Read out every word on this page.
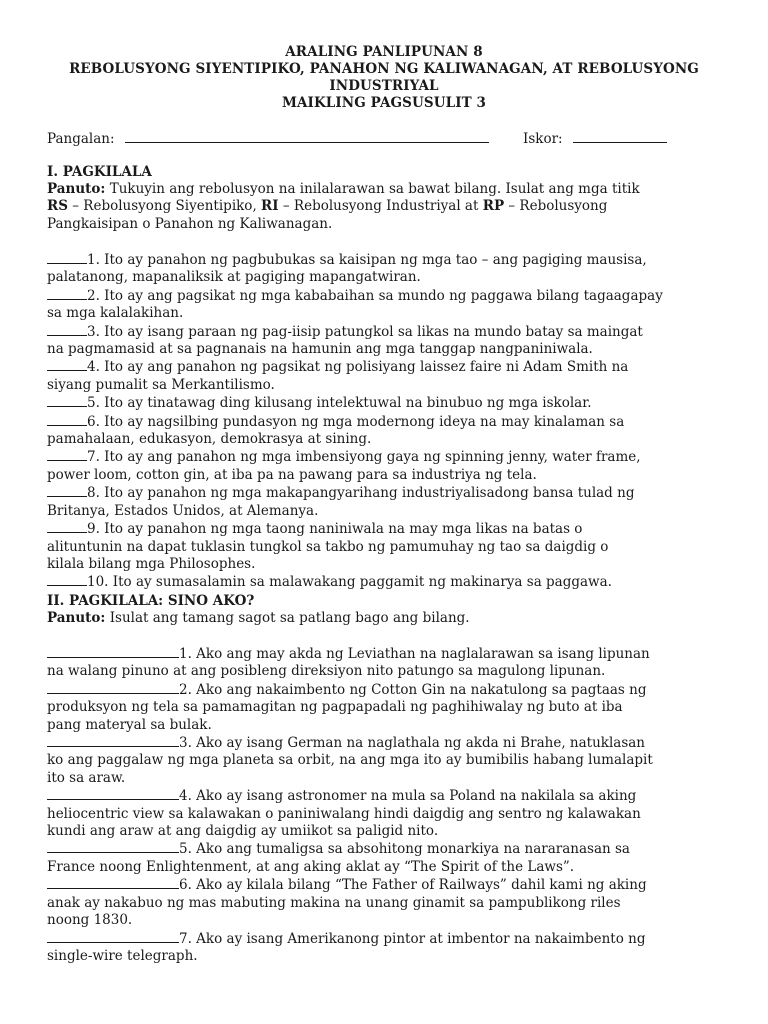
ARALING PANLIPUNAN 8
REBOLUSYONG SIYENTIPIKO, PANAHON NG KALIWANAGAN, AT REBOLUSYONG INDUSTRIYAL
MAIKLING PAGSUSULIT 3
Pangalan:	Iskor:
I. PAGKILALA
Panuto: Tukuyin ang rebolusyon na inilalarawan sa bawat bilang. Isulat ang mga titik
RS – Rebolusyong Siyentipiko, RI – Rebolusyong Industriyal at RP – Rebolusyong
Pangkaisipan o Panahon ng Kaliwanagan.
1. Ito ay panahon ng pagbubukas sa kaisipan ng mga tao – ang pagiging mausisa,
palatanong, mapanaliksik at pagiging mapangatwiran.
2. Ito ay ang pagsikat ng mga kababaihan sa mundo ng paggawa bilang tagaagapay
sa mga kalalakihan.
3. Ito ay isang paraan ng pag-iisip patungkol sa likas na mundo batay sa maingat
na pagmamasid at sa pagnanais na hamunin ang mga tanggap nangpaniniwala.
4. Ito ay ang panahon ng pagsikat ng polisiyang laissez faire ni Adam Smith na
siyang pumalit sa Merkantilismo.
5. Ito ay tinatawag ding kilusang intelektuwal na binubuo ng mga iskolar.
6. Ito ay nagsilbing pundasyon ng mga modernong ideya na may kinalaman sa
pamahalaan, edukasyon, demokrasya at sining.
7. Ito ay ang panahon ng mga imbensiyong gaya ng spinning jenny, water frame,
power loom, cotton gin, at iba pa na pawang para sa industriya ng tela.
8. Ito ay panahon ng mga makapangyarihang industriyalisadong bansa tulad ng
Britanya, Estados Unidos, at Alemanya.
9. Ito ay panahon ng mga taong naniniwala na may mga likas na batas o
alituntunin na dapat tuklasin tungkol sa takbo ng pamumuhay ng tao sa daigdig o
kilala bilang mga Philosophes.
10. Ito ay sumasalamin sa malawakang paggamit ng makinarya sa paggawa.
II. PAGKILALA: SINO AKO?
Panuto: Isulat ang tamang sagot sa patlang bago ang bilang.
1. Ako ang may akda ng Leviathan na naglalarawan sa isang lipunan
na walang pinuno at ang posibleng direksiyon nito patungo sa magulong lipunan.
2. Ako ang nakaimbento ng Cotton Gin na nakatulong sa pagtaas ng
produksyon ng tela sa pamamagitan ng pagpapadali ng paghihiwalay ng buto at iba
pang materyal sa bulak.
3. Ako ay isang German na naglathala ng akda ni Brahe, natuklasan
ko ang paggalaw ng mga planeta sa orbit, na ang mga ito ay bumibilis habang lumalapit
ito sa araw.
4. Ako ay isang astronomer na mula sa Poland na nakilala sa aking
heliocentric view sa kalawakan o paniniwalang hindi daigdig ang sentro ng kalawakan
kundi ang araw at ang daigdig ay umiikot sa paligid nito.
5. Ako ang tumaligsa sa absohitong monarkiya na nararanasan sa
France noong Enlightenment, at ang aking aklat ay “The Spirit of the Laws”.
6. Ako ay kilala bilang “The Father of Railways” dahil kami ng aking
anak ay nakabuo ng mas mabuting makina na unang ginamit sa pampublikong riles
noong 1830.
7. Ako ay isang Amerikanong pintor at imbentor na nakaimbento ng
single-wire telegraph.
